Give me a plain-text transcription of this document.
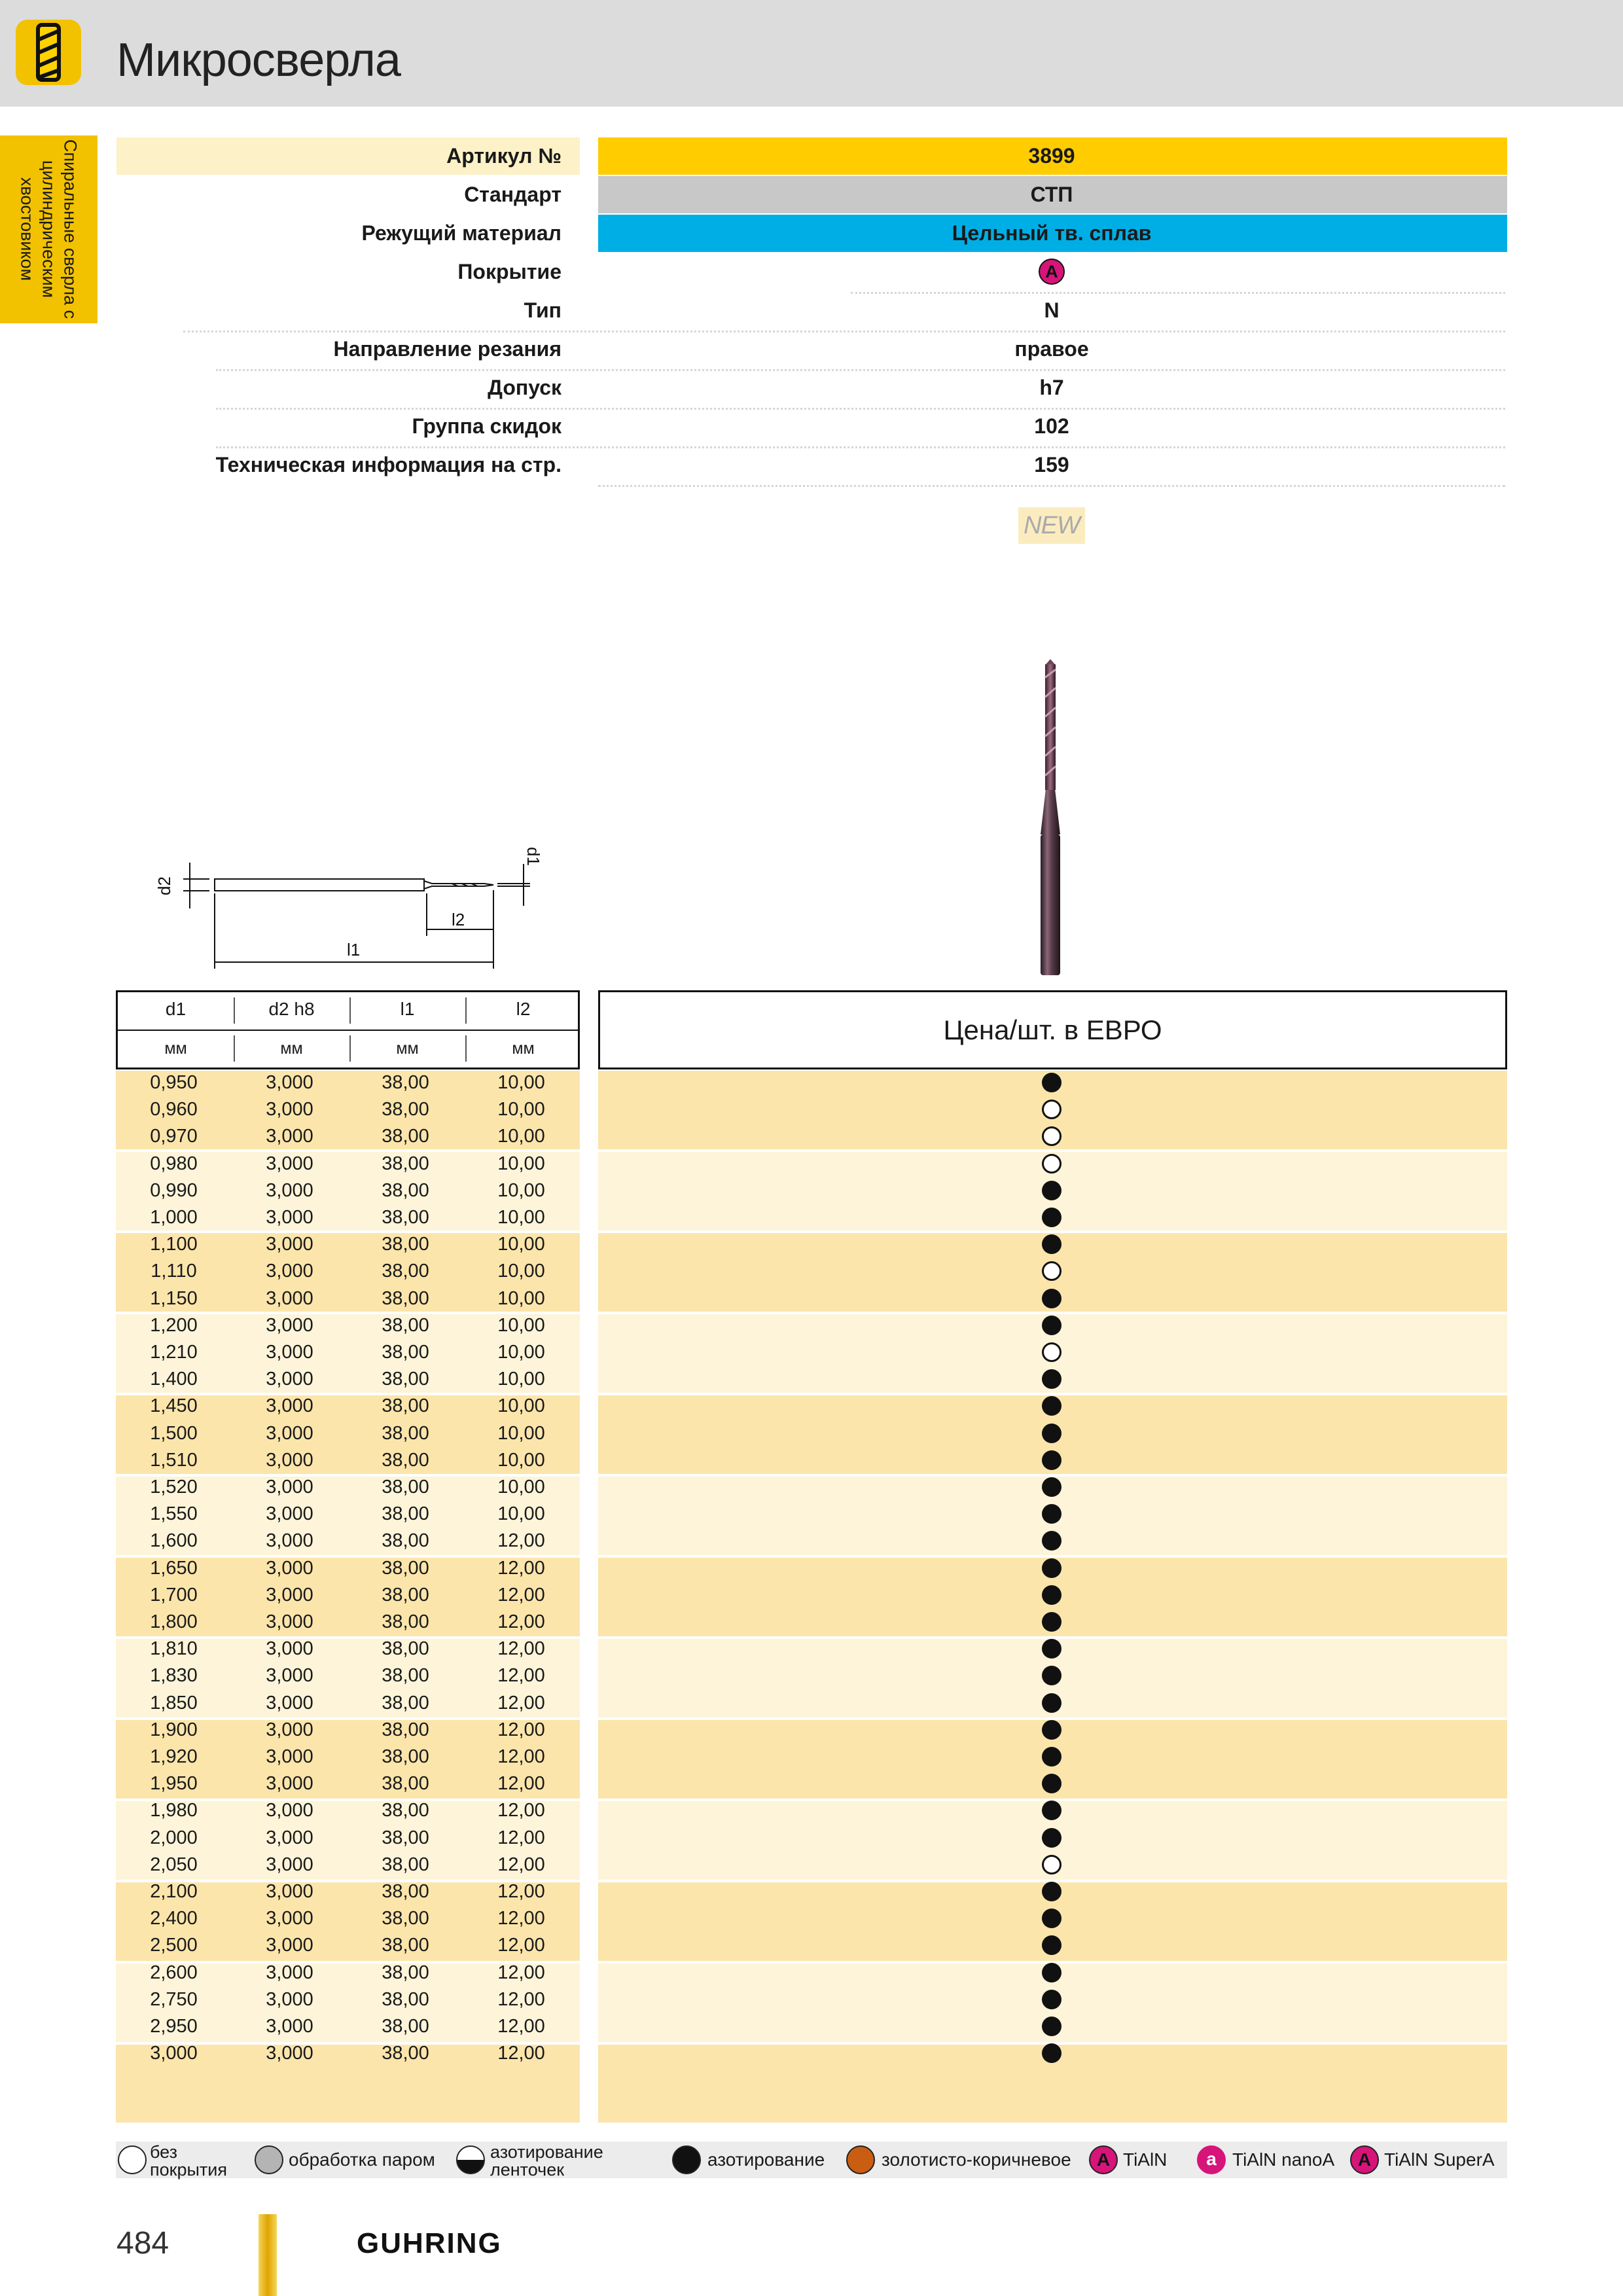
Микросверла
Спиральные сверла с цилиндрическим хвостовиком
Артикул №	3899
Стандарт	СТП
Режущий материал	Цельный тв. сплав
Покрытие	A
Тип	N
Направление резания	правое
Допуск	h7
Группа скидок	102
Техническая информация на стр.	159
NEW
d2
d1
l2
l1
d1	d2 h8	l1	l2
мм	мм	мм	мм
Цена/шт. в ЕВРО
0,950	3,000	38,00	10,00
0,960	3,000	38,00	10,00
0,970	3,000	38,00	10,00
0,980	3,000	38,00	10,00
0,990	3,000	38,00	10,00
1,000	3,000	38,00	10,00
1,100	3,000	38,00	10,00
1,110	3,000	38,00	10,00
1,150	3,000	38,00	10,00
1,200	3,000	38,00	10,00
1,210	3,000	38,00	10,00
1,400	3,000	38,00	10,00
1,450	3,000	38,00	10,00
1,500	3,000	38,00	10,00
1,510	3,000	38,00	10,00
1,520	3,000	38,00	10,00
1,550	3,000	38,00	10,00
1,600	3,000	38,00	12,00
1,650	3,000	38,00	12,00
1,700	3,000	38,00	12,00
1,800	3,000	38,00	12,00
1,810	3,000	38,00	12,00
1,830	3,000	38,00	12,00
1,850	3,000	38,00	12,00
1,900	3,000	38,00	12,00
1,920	3,000	38,00	12,00
1,950	3,000	38,00	12,00
1,980	3,000	38,00	12,00
2,000	3,000	38,00	12,00
2,050	3,000	38,00	12,00
2,100	3,000	38,00	12,00
2,400	3,000	38,00	12,00
2,500	3,000	38,00	12,00
2,600	3,000	38,00	12,00
2,750	3,000	38,00	12,00
2,950	3,000	38,00	12,00
3,000	3,000	38,00	12,00
без покрытия	обработка паром	азотирование ленточек	азотирование	золотисто-коричневое	A TiAlN	a TiAlN nanoA	A TiAlN SuperA
484	GUHRING
